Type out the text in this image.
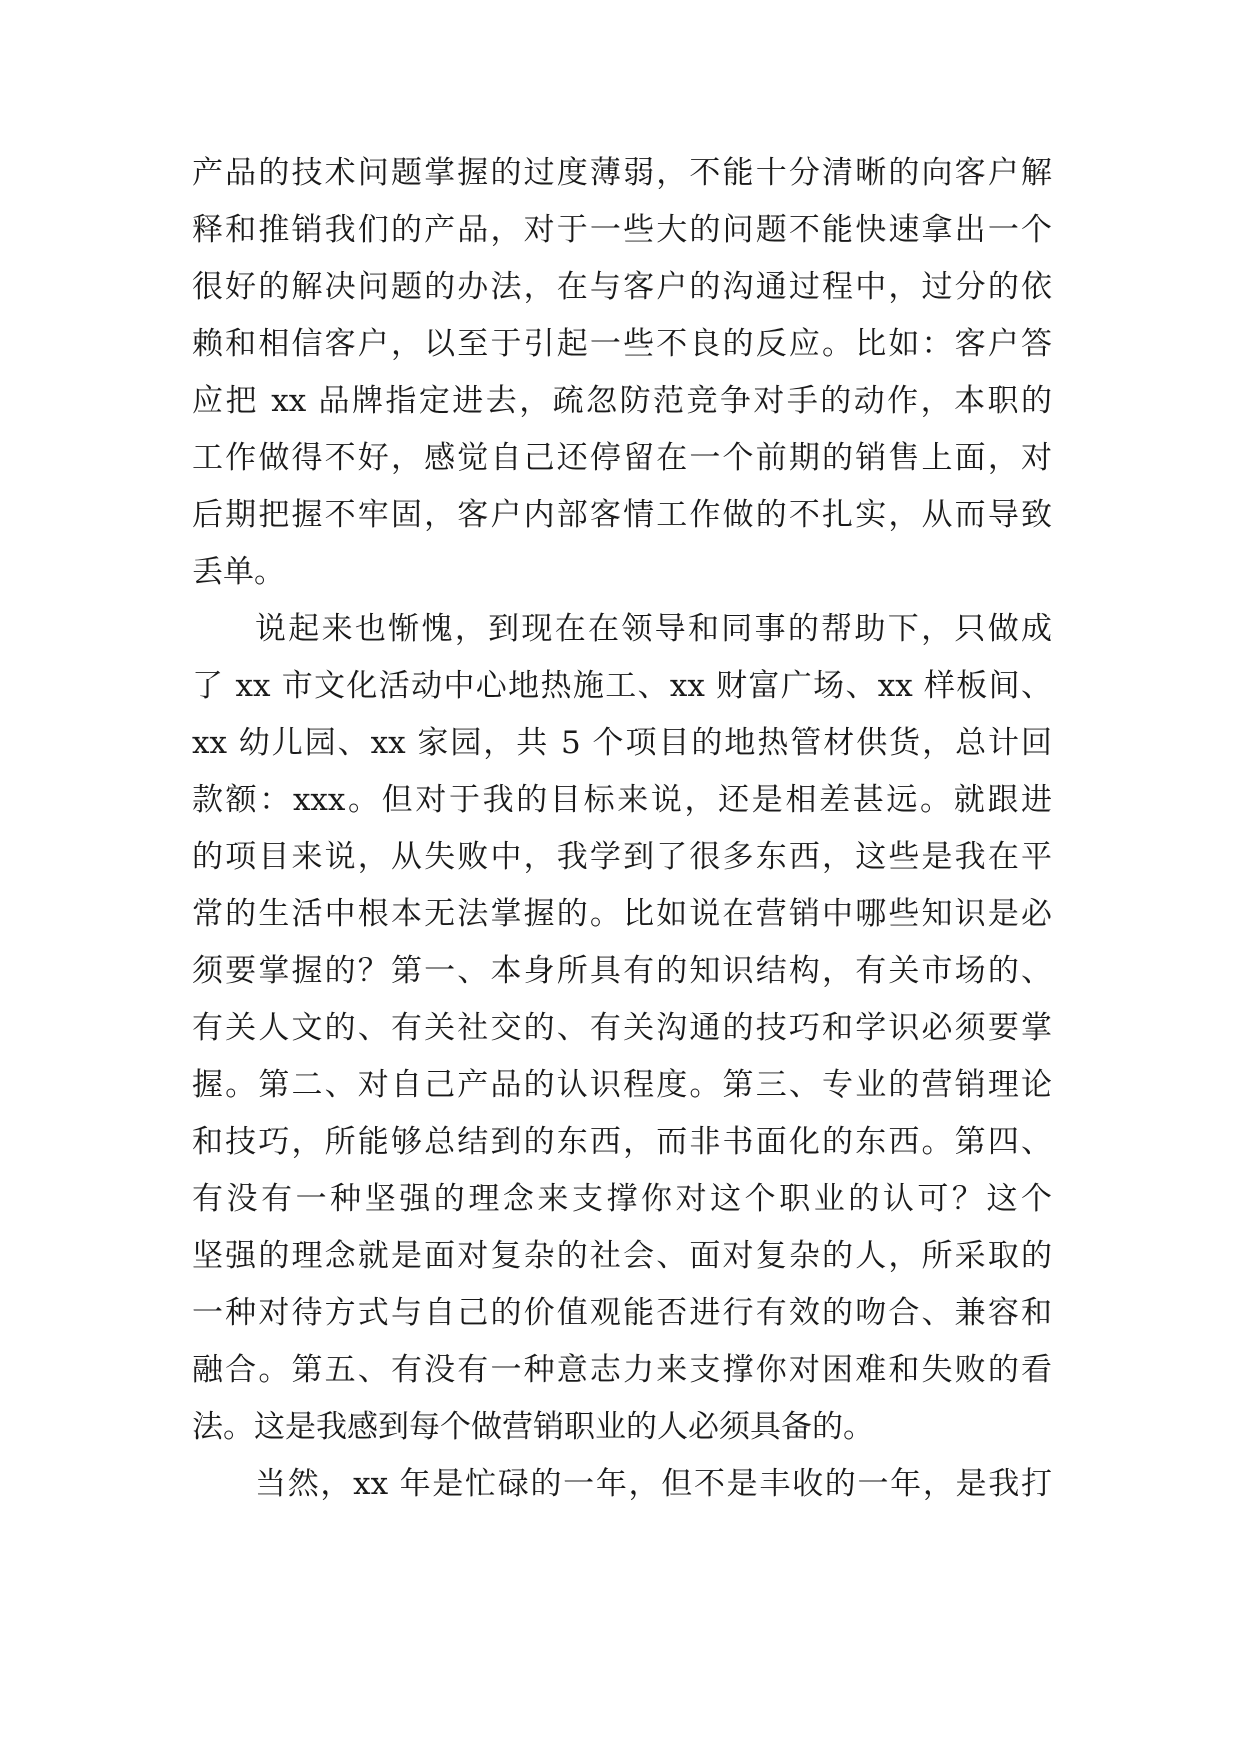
产品的技术问题掌握的过度薄弱，不能十分清晰的向客户解
释和推销我们的产品，对于一些大的问题不能快速拿出一个
很好的解决问题的办法，在与客户的沟通过程中，过分的依
赖和相信客户，以至于引起一些不良的反应。比如：客户答
应把 xx 品牌指定进去，疏忽防范竞争对手的动作，本职的
工作做得不好，感觉自己还停留在一个前期的销售上面，对
后期把握不牢固，客户内部客情工作做的不扎实，从而导致
丢单。
说起来也惭愧，到现在在领导和同事的帮助下，只做成
了 xx 市文化活动中心地热施工、xx 财富广场、xx 样板间、
xx 幼儿园、xx 家园，共 5 个项目的地热管材供货，总计回
款额：xxx。但对于我的目标来说，还是相差甚远。就跟进
的项目来说，从失败中，我学到了很多东西，这些是我在平
常的生活中根本无法掌握的。比如说在营销中哪些知识是必
须要掌握的？第一、本身所具有的知识结构，有关市场的、
有关人文的、有关社交的、有关沟通的技巧和学识必须要掌
握。第二、对自己产品的认识程度。第三、专业的营销理论
和技巧，所能够总结到的东西，而非书面化的东西。第四、
有没有一种坚强的理念来支撑你对这个职业的认可？这个
坚强的理念就是面对复杂的社会、面对复杂的人，所采取的
一种对待方式与自己的价值观能否进行有效的吻合、兼容和
融合。第五、有没有一种意志力来支撑你对困难和失败的看
法。这是我感到每个做营销职业的人必须具备的。
当然，xx 年是忙碌的一年，但不是丰收的一年，是我打
